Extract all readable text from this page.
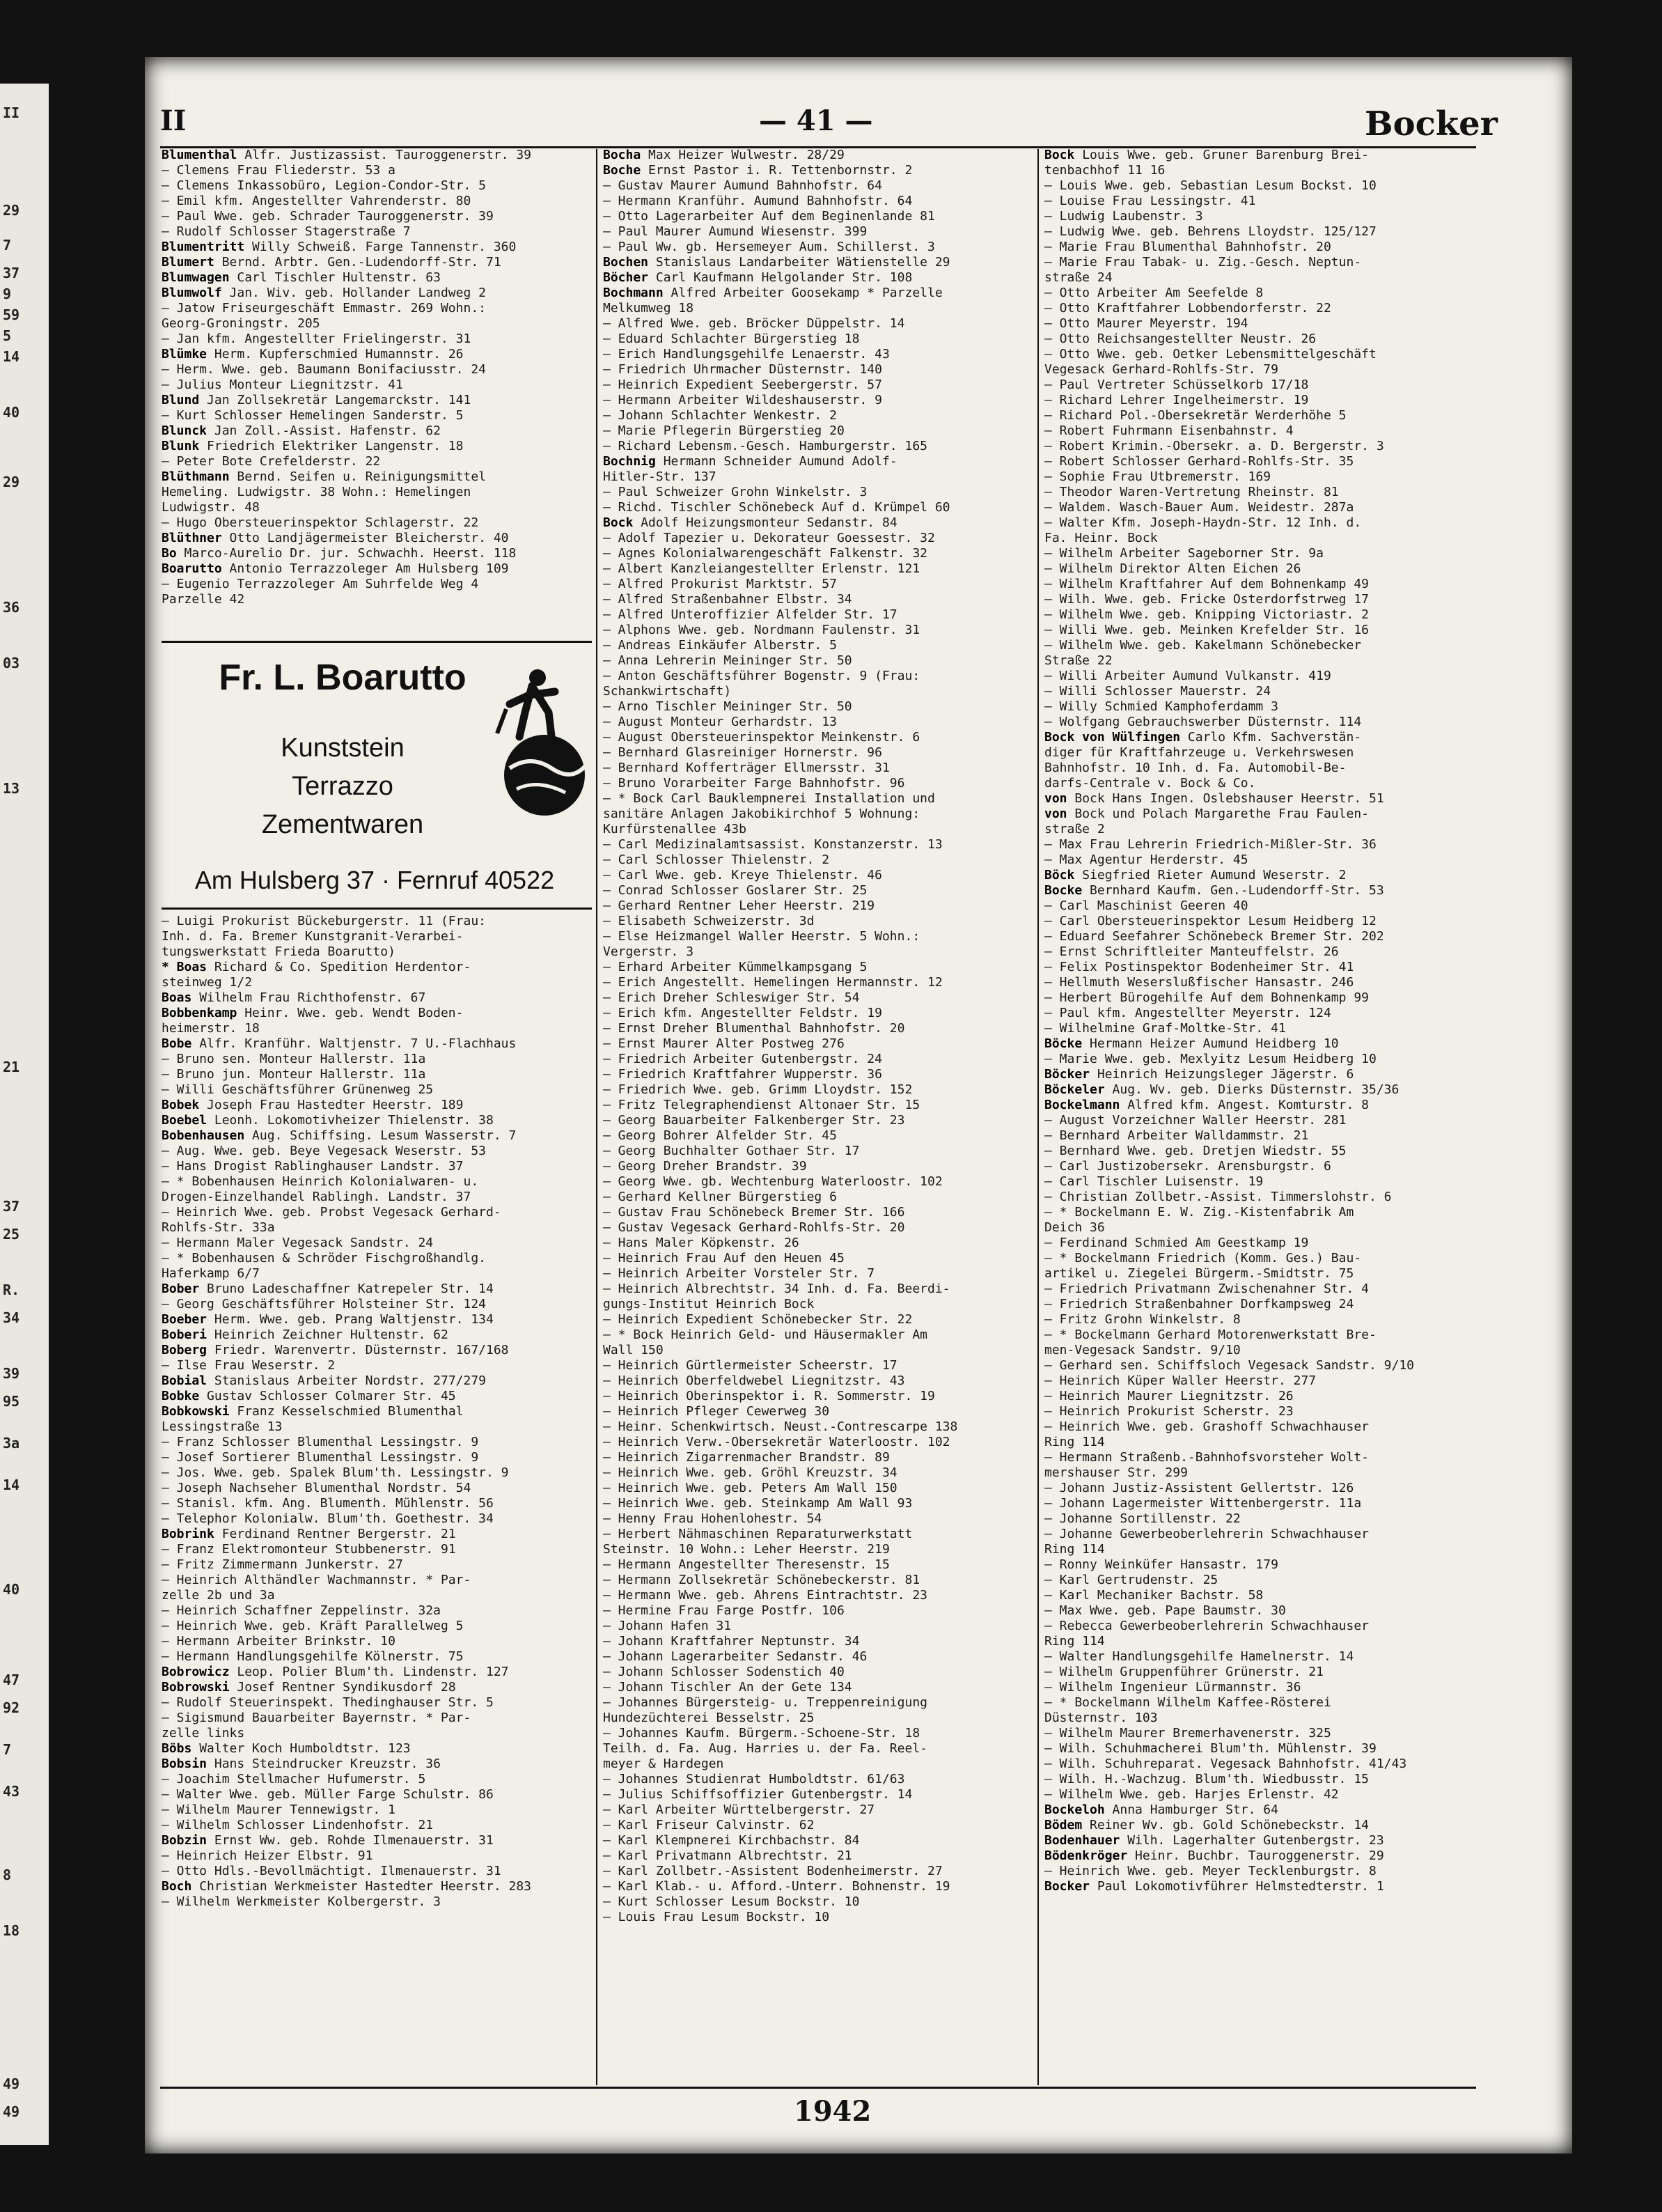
II
29
7
37
9
59
5
14
40
29
36
03
13
21
37
25
R.
34
39
95
3a
14
40
47
92
7
43
8
18
49
49
II	— 41 —	Bocker
Blumenthal Alfr. Justizassist. Tauroggenerstr. 39
— Clemens Frau Fliederstr. 53 a
— Clemens Inkassobüro, Legion-Condor-Str. 5
— Emil kfm. Angestellter Vahrenderstr. 80
— Paul Wwe. geb. Schrader Tauroggenerstr. 39
— Rudolf Schlosser Stagerstraße 7
Blumentritt Willy Schweiß. Farge Tannenstr. 360
Blumert Bernd. Arbtr. Gen.-Ludendorff-Str. 71
Blumwagen Carl Tischler Hultenstr. 63
Blumwolf Jan. Wiv. geb. Hollander Landweg 2
— Jatow Friseurgeschäft Emmastr. 269 Wohn.:
Georg-Groningstr. 205
— Jan kfm. Angestellter Frielingerstr. 31
Blümke Herm. Kupferschmied Humannstr. 26
— Herm. Wwe. geb. Baumann Bonifaciusstr. 24
— Julius Monteur Liegnitzstr. 41
Blund Jan Zollsekretär Langemarckstr. 141
— Kurt Schlosser Hemelingen Sanderstr. 5
Blunck Jan Zoll.-Assist. Hafenstr. 62
Blunk Friedrich Elektriker Langenstr. 18
— Peter Bote Crefelderstr. 22
Blüthmann Bernd. Seifen u. Reinigungsmittel
Hemeling. Ludwigstr. 38 Wohn.: Hemelingen
Ludwigstr. 48
— Hugo Obersteuerinspektor Schlagerstr. 22
Blüthner Otto Landjägermeister Bleicherstr. 40
Bo Marco-Aurelio Dr. jur. Schwachh. Heerst. 118
Boarutto Antonio Terrazzoleger Am Hulsberg 109
— Eugenio Terrazzoleger Am Suhrfelde Weg 4
Parzelle 42
— Luigi Prokurist Bückeburgerstr. 11 (Frau:
Inh. d. Fa. Bremer Kunstgranit-Verarbei-
tungswerkstatt Frieda Boarutto)
* Boas Richard & Co. Spedition Herdentor-
steinweg 1/2
Boas Wilhelm Frau Richthofenstr. 67
Bobbenkamp Heinr. Wwe. geb. Wendt Boden-
heimerstr. 18
Bobe Alfr. Kranführ. Waltjenstr. 7 U.-Flachhaus
— Bruno sen. Monteur Hallerstr. 11a
— Bruno jun. Monteur Hallerstr. 11a
— Willi Geschäftsführer Grünenweg 25
Bobek Joseph Frau Hastedter Heerstr. 189
Boebel Leonh. Lokomotivheizer Thielenstr. 38
Bobenhausen Aug. Schiffsing. Lesum Wasserstr. 7
— Aug. Wwe. geb. Beye Vegesack Weserstr. 53
— Hans Drogist Rablinghauser Landstr. 37
— * Bobenhausen Heinrich Kolonialwaren- u.
Drogen-Einzelhandel Rablingh. Landstr. 37
— Heinrich Wwe. geb. Probst Vegesack Gerhard-
Rohlfs-Str. 33a
— Hermann Maler Vegesack Sandstr. 24
— * Bobenhausen & Schröder Fischgroßhandlg.
Haferkamp 6/7
Bober Bruno Ladeschaffner Katrepeler Str. 14
— Georg Geschäftsführer Holsteiner Str. 124
Boeber Herm. Wwe. geb. Prang Waltjenstr. 134
Boberi Heinrich Zeichner Hultenstr. 62
Boberg Friedr. Warenvertr. Düsternstr. 167/168
— Ilse Frau Weserstr. 2
Bobial Stanislaus Arbeiter Nordstr. 277/279
Bobke Gustav Schlosser Colmarer Str. 45
Bobkowski Franz Kesselschmied Blumenthal
Lessingstraße 13
— Franz Schlosser Blumenthal Lessingstr. 9
— Josef Sortierer Blumenthal Lessingstr. 9
— Jos. Wwe. geb. Spalek Blum'th. Lessingstr. 9
— Joseph Nachseher Blumenthal Nordstr. 54
— Stanisl. kfm. Ang. Blumenth. Mühlenstr. 56
— Telephor Kolonialw. Blum'th. Goethestr. 34
Bobrink Ferdinand Rentner Bergerstr. 21
— Franz Elektromonteur Stubbenerstr. 91
— Fritz Zimmermann Junkerstr. 27
— Heinrich Althändler Wachmannstr. * Par-
zelle 2b und 3a
— Heinrich Schaffner Zeppelinstr. 32a
— Heinrich Wwe. geb. Kräft Parallelweg 5
— Hermann Arbeiter Brinkstr. 10
— Hermann Handlungsgehilfe Kölnerstr. 75
Bobrowicz Leop. Polier Blum'th. Lindenstr. 127
Bobrowski Josef Rentner Syndikusdorf 28
— Rudolf Steuerinspekt. Thedinghauser Str. 5
— Sigismund Bauarbeiter Bayernstr. * Par-
zelle links
Böbs Walter Koch Humboldtstr. 123
Bobsin Hans Steindrucker Kreuzstr. 36
— Joachim Stellmacher Hufumerstr. 5
— Walter Wwe. geb. Müller Farge Schulstr. 86
— Wilhelm Maurer Tennewigstr. 1
— Wilhelm Schlosser Lindenhofstr. 21
Bobzin Ernst Ww. geb. Rohde Ilmenauerstr. 31
— Heinrich Heizer Elbstr. 91
— Otto Hdls.-Bevollmächtigt. Ilmenauerstr. 31
Boch Christian Werkmeister Hastedter Heerstr. 283
— Wilhelm Werkmeister Kolbergerstr. 3
Fr. L. Boarutto
Kunststein
Terrazzo
Zementwaren
Am Hulsberg 37 · Fernruf 40522
Bocha Max Heizer Wulwestr. 28/29
Boche Ernst Pastor i. R. Tettenbornstr. 2
— Gustav Maurer Aumund Bahnhofstr. 64
— Hermann Kranführ. Aumund Bahnhofstr. 64
— Otto Lagerarbeiter Auf dem Beginenlande 81
— Paul Maurer Aumund Wiesenstr. 399
— Paul Ww. gb. Hersemeyer Aum. Schillerst. 3
Bochen Stanislaus Landarbeiter Wätienstelle 29
Böcher Carl Kaufmann Helgolander Str. 108
Bochmann Alfred Arbeiter Goosekamp * Parzelle
Melkumweg 18
— Alfred Wwe. geb. Bröcker Düppelstr. 14
— Eduard Schlachter Bürgerstieg 18
— Erich Handlungsgehilfe Lenaerstr. 43
— Friedrich Uhrmacher Düsternstr. 140
— Heinrich Expedient Seebergerstr. 57
— Hermann Arbeiter Wildeshauserstr. 9
— Johann Schlachter Wenkestr. 2
— Marie Pflegerin Bürgerstieg 20
— Richard Lebensm.-Gesch. Hamburgerstr. 165
Bochnig Hermann Schneider Aumund Adolf-
Hitler-Str. 137
— Paul Schweizer Grohn Winkelstr. 3
— Richd. Tischler Schönebeck Auf d. Krümpel 60
Bock Adolf Heizungsmonteur Sedanstr. 84
— Adolf Tapezier u. Dekorateur Goessestr. 32
— Agnes Kolonialwarengeschäft Falkenstr. 32
— Albert Kanzleiangestellter Erlenstr. 121
— Alfred Prokurist Marktstr. 57
— Alfred Straßenbahner Elbstr. 34
— Alfred Unteroffizier Alfelder Str. 17
— Alphons Wwe. geb. Nordmann Faulenstr. 31
— Andreas Einkäufer Alberstr. 5
— Anna Lehrerin Meininger Str. 50
— Anton Geschäftsführer Bogenstr. 9 (Frau:
Schankwirtschaft)
— Arno Tischler Meininger Str. 50
— August Monteur Gerhardstr. 13
— August Obersteuerinspektor Meinkenstr. 6
— Bernhard Glasreiniger Hornerstr. 96
— Bernhard Kofferträger Ellmersstr. 31
— Bruno Vorarbeiter Farge Bahnhofstr. 96
— * Bock Carl Bauklempnerei Installation und
sanitäre Anlagen Jakobikirchhof 5 Wohnung:
Kurfürstenallee 43b
— Carl Medizinalamtsassist. Konstanzerstr. 13
— Carl Schlosser Thielenstr. 2
— Carl Wwe. geb. Kreye Thielenstr. 46
— Conrad Schlosser Goslarer Str. 25
— Gerhard Rentner Leher Heerstr. 219
— Elisabeth Schweizerstr. 3d
— Else Heizmangel Waller Heerstr. 5 Wohn.:
Vergerstr. 3
— Erhard Arbeiter Kümmelkampsgang 5
— Erich Angestellt. Hemelingen Hermannstr. 12
— Erich Dreher Schleswiger Str. 54
— Erich kfm. Angestellter Feldstr. 19
— Ernst Dreher Blumenthal Bahnhofstr. 20
— Ernst Maurer Alter Postweg 276
— Friedrich Arbeiter Gutenbergstr. 24
— Friedrich Kraftfahrer Wupperstr. 36
— Friedrich Wwe. geb. Grimm Lloydstr. 152
— Fritz Telegraphendienst Altonaer Str. 15
— Georg Bauarbeiter Falkenberger Str. 23
— Georg Bohrer Alfelder Str. 45
— Georg Buchhalter Gothaer Str. 17
— Georg Dreher Brandstr. 39
— Georg Wwe. gb. Wechtenburg Waterloostr. 102
— Gerhard Kellner Bürgerstieg 6
— Gustav Frau Schönebeck Bremer Str. 166
— Gustav Vegesack Gerhard-Rohlfs-Str. 20
— Hans Maler Köpkenstr. 26
— Heinrich Frau Auf den Heuen 45
— Heinrich Arbeiter Vorsteler Str. 7
— Heinrich Albrechtstr. 34 Inh. d. Fa. Beerdi-
gungs-Institut Heinrich Bock
— Heinrich Expedient Schönebecker Str. 22
— * Bock Heinrich Geld- und Häusermakler Am
Wall 150
— Heinrich Gürtlermeister Scheerstr. 17
— Heinrich Oberfeldwebel Liegnitzstr. 43
— Heinrich Oberinspektor i. R. Sommerstr. 19
— Heinrich Pfleger Cewerweg 30
— Heinr. Schenkwirtsch. Neust.-Contrescarpe 138
— Heinrich Verw.-Obersekretär Waterloostr. 102
— Heinrich Zigarrenmacher Brandstr. 89
— Heinrich Wwe. geb. Gröhl Kreuzstr. 34
— Heinrich Wwe. geb. Peters Am Wall 150
— Heinrich Wwe. geb. Steinkamp Am Wall 93
— Henny Frau Hohenlohestr. 54
— Herbert Nähmaschinen Reparaturwerkstatt
Steinstr. 10 Wohn.: Leher Heerstr. 219
— Hermann Angestellter Theresenstr. 15
— Hermann Zollsekretär Schönebeckerstr. 81
— Hermann Wwe. geb. Ahrens Eintrachtstr. 23
— Hermine Frau Farge Postfr. 106
— Johann Hafen 31
— Johann Kraftfahrer Neptunstr. 34
— Johann Lagerarbeiter Sedanstr. 46
— Johann Schlosser Sodenstich 40
— Johann Tischler An der Gete 134
— Johannes Bürgersteig- u. Treppenreinigung
Hundezüchterei Besselstr. 25
— Johannes Kaufm. Bürgerm.-Schoene-Str. 18
Teilh. d. Fa. Aug. Harries u. der Fa. Reel-
meyer & Hardegen
— Johannes Studienrat Humboldtstr. 61/63
— Julius Schiffsoffizier Gutenbergstr. 14
— Karl Arbeiter Württelbergerstr. 27
— Karl Friseur Calvinstr. 62
— Karl Klempnerei Kirchbachstr. 84
— Karl Privatmann Albrechtstr. 21
— Karl Zollbetr.-Assistent Bodenheimerstr. 27
— Karl Klab.- u. Afford.-Unterr. Bohnenstr. 19
— Kurt Schlosser Lesum Bockstr. 10
— Louis Frau Lesum Bockstr. 10
Bock Louis Wwe. geb. Gruner Barenburg Brei-
tenbachhof 11 16
— Louis Wwe. geb. Sebastian Lesum Bockst. 10
— Louise Frau Lessingstr. 41
— Ludwig Laubenstr. 3
— Ludwig Wwe. geb. Behrens Lloydstr. 125/127
— Marie Frau Blumenthal Bahnhofstr. 20
— Marie Frau Tabak- u. Zig.-Gesch. Neptun-
straße 24
— Otto Arbeiter Am Seefelde 8
— Otto Kraftfahrer Lobbendorferstr. 22
— Otto Maurer Meyerstr. 194
— Otto Reichsangestellter Neustr. 26
— Otto Wwe. geb. Oetker Lebensmittelgeschäft
Vegesack Gerhard-Rohlfs-Str. 79
— Paul Vertreter Schüsselkorb 17/18
— Richard Lehrer Ingelheimerstr. 19
— Richard Pol.-Obersekretär Werderhöhe 5
— Robert Fuhrmann Eisenbahnstr. 4
— Robert Krimin.-Obersekr. a. D. Bergerstr. 3
— Robert Schlosser Gerhard-Rohlfs-Str. 35
— Sophie Frau Utbremerstr. 169
— Theodor Waren-Vertretung Rheinstr. 81
— Waldem. Wasch-Bauer Aum. Weidestr. 287a
— Walter Kfm. Joseph-Haydn-Str. 12 Inh. d.
Fa. Heinr. Bock
— Wilhelm Arbeiter Sageborner Str. 9a
— Wilhelm Direktor Alten Eichen 26
— Wilhelm Kraftfahrer Auf dem Bohnenkamp 49
— Wilh. Wwe. geb. Fricke Osterdorfstrweg 17
— Wilhelm Wwe. geb. Knipping Victoriastr. 2
— Willi Wwe. geb. Meinken Krefelder Str. 16
— Wilhelm Wwe. geb. Kakelmann Schönebecker
Straße 22
— Willi Arbeiter Aumund Vulkanstr. 419
— Willi Schlosser Mauerstr. 24
— Willy Schmied Kamphoferdamm 3
— Wolfgang Gebrauchswerber Düsternstr. 114
Bock von Wülfingen Carlo Kfm. Sachverstän-
diger für Kraftfahrzeuge u. Verkehrswesen
Bahnhofstr. 10 Inh. d. Fa. Automobil-Be-
darfs-Centrale v. Bock & Co.
von Bock Hans Ingen. Oslebshauser Heerstr. 51
von Bock und Polach Margarethe Frau Faulen-
straße 2
— Max Frau Lehrerin Friedrich-Mißler-Str. 36
— Max Agentur Herderstr. 45
Böck Siegfried Rieter Aumund Weserstr. 2
Bocke Bernhard Kaufm. Gen.-Ludendorff-Str. 53
— Carl Maschinist Geeren 40
— Carl Obersteuerinspektor Lesum Heidberg 12
— Eduard Seefahrer Schönebeck Bremer Str. 202
— Ernst Schriftleiter Manteuffelstr. 26
— Felix Postinspektor Bodenheimer Str. 41
— Hellmuth Weserslußfischer Hansastr. 246
— Herbert Bürogehilfe Auf dem Bohnenkamp 99
— Paul kfm. Angestellter Meyerstr. 124
— Wilhelmine Graf-Moltke-Str. 41
Böcke Hermann Heizer Aumund Heidberg 10
— Marie Wwe. geb. Mexlyitz Lesum Heidberg 10
Böcker Heinrich Heizungsleger Jägerstr. 6
Böckeler Aug. Wv. geb. Dierks Düsternstr. 35/36
Bockelmann Alfred kfm. Angest. Komturstr. 8
— August Vorzeichner Waller Heerstr. 281
— Bernhard Arbeiter Walldammstr. 21
— Bernhard Wwe. geb. Dretjen Wiedstr. 55
— Carl Justizobersekr. Arensburgstr. 6
— Carl Tischler Luisenstr. 19
— Christian Zollbetr.-Assist. Timmerslohstr. 6
— * Bockelmann E. W. Zig.-Kistenfabrik Am
Deich 36
— Ferdinand Schmied Am Geestkamp 19
— * Bockelmann Friedrich (Komm. Ges.) Bau-
artikel u. Ziegelei Bürgerm.-Smidtstr. 75
— Friedrich Privatmann Zwischenahner Str. 4
— Friedrich Straßenbahner Dorfkampsweg 24
— Fritz Grohn Winkelstr. 8
— * Bockelmann Gerhard Motorenwerkstatt Bre-
men-Vegesack Sandstr. 9/10
— Gerhard sen. Schiffsloch Vegesack Sandstr. 9/10
— Heinrich Küper Waller Heerstr. 277
— Heinrich Maurer Liegnitzstr. 26
— Heinrich Prokurist Scherstr. 23
— Heinrich Wwe. geb. Grashoff Schwachhauser
Ring 114
— Hermann Straßenb.-Bahnhofsvorsteher Wolt-
mershauser Str. 299
— Johann Justiz-Assistent Gellertstr. 126
— Johann Lagermeister Wittenbergerstr. 11a
— Johanne Sortillenstr. 22
— Johanne Gewerbeoberlehrerin Schwachhauser
Ring 114
— Ronny Weinküfer Hansastr. 179
— Karl Gertrudenstr. 25
— Karl Mechaniker Bachstr. 58
— Max Wwe. geb. Pape Baumstr. 30
— Rebecca Gewerbeoberlehrerin Schwachhauser
Ring 114
— Walter Handlungsgehilfe Hamelnerstr. 14
— Wilhelm Gruppenführer Grünerstr. 21
— Wilhelm Ingenieur Lürmannstr. 36
— * Bockelmann Wilhelm Kaffee-Rösterei
Düsternstr. 103
— Wilhelm Maurer Bremerhavenerstr. 325
— Wilh. Schuhmacherei Blum'th. Mühlenstr. 39
— Wilh. Schuhreparat. Vegesack Bahnhofstr. 41/43
— Wilh. H.-Wachzug. Blum'th. Wiedbusstr. 15
— Wilhelm Wwe. geb. Harjes Erlenstr. 42
Bockeloh Anna Hamburger Str. 64
Bödem Reiner Wv. gb. Gold Schönebeckstr. 14
Bodenhauer Wilh. Lagerhalter Gutenbergstr. 23
Bödenkröger Heinr. Buchbr. Tauroggenerstr. 29
— Heinrich Wwe. geb. Meyer Tecklenburgstr. 8
Bocker Paul Lokomotivführer Helmstedterstr. 1
1942
